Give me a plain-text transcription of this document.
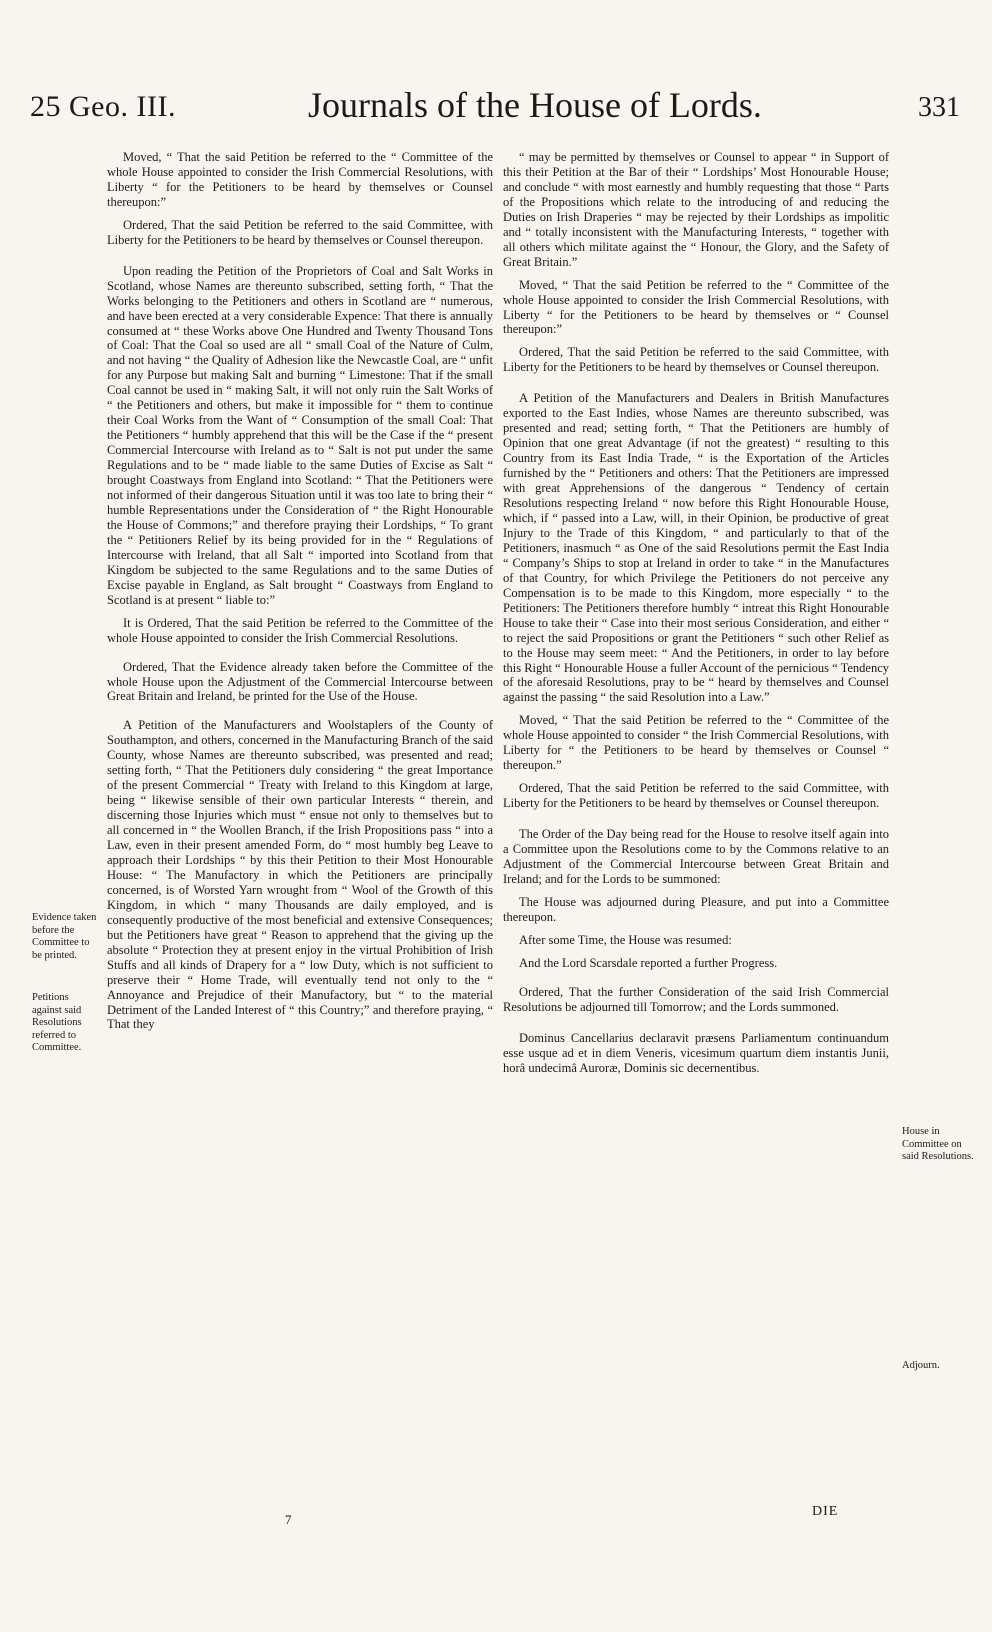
25 Geo. III.	Journals of the House of Lords.	331
Evidence taken before the Committee to be printed.
Petitions against said Resolutions referred to Committee.
House in Committee on said Resolutions.
Adjourn.

Moved, “ That the said Petition be referred to the “ Committee of the whole House appointed to consider the Irish Commercial Resolutions, with Liberty “ for the Petitioners to be heard by themselves or Counsel thereupon:”

Ordered, That the said Petition be referred to the said Committee, with Liberty for the Petitioners to be heard by themselves or Counsel thereupon.

Upon reading the Petition of the Proprietors of Coal and Salt Works in Scotland, whose Names are thereunto subscribed, setting forth, “ That the Works belonging to the Petitioners and others in Scotland are “ numerous, and have been erected at a very considerable Expence: That there is annually consumed at “ these Works above One Hundred and Twenty Thousand Tons of Coal: That the Coal so used are all “ small Coal of the Nature of Culm, and not having “ the Quality of Adhesion like the Newcastle Coal, are “ unfit for any Purpose but making Salt and burning “ Limestone: That if the small Coal cannot be used in “ making Salt, it will not only ruin the Salt Works of “ the Petitioners and others, but make it impossible for “ them to continue their Coal Works from the Want of “ Consumption of the small Coal: That the Petitioners “ humbly apprehend that this will be the Case if the “ present Commercial Intercourse with Ireland as to “ Salt is not put under the same Regulations and to be “ made liable to the same Duties of Excise as Salt “ brought Coastways from England into Scotland: “ That the Petitioners were not informed of their dangerous Situation until it was too late to bring their “ humble Representations under the Consideration of “ the Right Honourable the House of Commons;” and therefore praying their Lordships, “ To grant the “ Petitioners Relief by its being provided for in the “ Regulations of Intercourse with Ireland, that all Salt “ imported into Scotland from that Kingdom be subjected to the same Regulations and to the same Duties of Excise payable in England, as Salt brought “ Coastways from England to Scotland is at present “ liable to:”

It is Ordered, That the said Petition be referred to the Committee of the whole House appointed to consider the Irish Commercial Resolutions.

Ordered, That the Evidence already taken before the Committee of the whole House upon the Adjustment of the Commercial Intercourse between Great Britain and Ireland, be printed for the Use of the House.

A Petition of the Manufacturers and Woolstaplers of the County of Southampton, and others, concerned in the Manufacturing Branch of the said County, whose Names are thereunto subscribed, was presented and read; setting forth, “ That the Petitioners duly considering “ the great Importance of the present Commercial “ Treaty with Ireland to this Kingdom at large, being “ likewise sensible of their own particular Interests “ therein, and discerning those Injuries which must “ ensue not only to themselves but to all concerned in “ the Woollen Branch, if the Irish Propositions pass “ into a Law, even in their present amended Form, do “ most humbly beg Leave to approach their Lordships “ by this their Petition to their Most Honourable House: “ The Manufactory in which the Petitioners are principally concerned, is of Worsted Yarn wrought from “ Wool of the Growth of this Kingdom, in which “ many Thousands are daily employed, and is consequently productive of the most beneficial and extensive Consequences; but the Petitioners have great “ Reason to apprehend that the giving up the absolute “ Protection they at present enjoy in the virtual Prohibition of Irish Stuffs and all kinds of Drapery for a “ low Duty, which is not sufficient to preserve their “ Home Trade, will eventually tend not only to the “ Annoyance and Prejudice of their Manufactory, but “ to the material Detriment of the Landed Interest of “ this Country;” and therefore praying, “ That they

“ may be permitted by themselves or Counsel to appear “ in Support of this their Petition at the Bar of their “ Lordships’ Most Honourable House; and conclude “ with most earnestly and humbly requesting that those “ Parts of the Propositions which relate to the introducing of and reducing the Duties on Irish Draperies “ may be rejected by their Lordships as impolitic and “ totally inconsistent with the Manufacturing Interests, “ together with all others which militate against the “ Honour, the Glory, and the Safety of Great Britain.”

Moved, “ That the said Petition be referred to the “ Committee of the whole House appointed to consider the Irish Commercial Resolutions, with Liberty “ for the Petitioners to be heard by themselves or “ Counsel thereupon:”

Ordered, That the said Petition be referred to the said Committee, with Liberty for the Petitioners to be heard by themselves or Counsel thereupon.

A Petition of the Manufacturers and Dealers in British Manufactures exported to the East Indies, whose Names are thereunto subscribed, was presented and read; setting forth, “ That the Petitioners are humbly of Opinion that one great Advantage (if not the greatest) “ resulting to this Country from its East India Trade, “ is the Exportation of the Articles furnished by the “ Petitioners and others: That the Petitioners are impressed with great Apprehensions of the dangerous “ Tendency of certain Resolutions respecting Ireland “ now before this Right Honourable House, which, if “ passed into a Law, will, in their Opinion, be productive of great Injury to the Trade of this Kingdom, “ and particularly to that of the Petitioners, inasmuch “ as One of the said Resolutions permit the East India “ Company’s Ships to stop at Ireland in order to take “ in the Manufactures of that Country, for which Privilege the Petitioners do not perceive any Compensation is to be made to this Kingdom, more especially “ to the Petitioners: The Petitioners therefore humbly “ intreat this Right Honourable House to take their “ Case into their most serious Consideration, and either “ to reject the said Propositions or grant the Petitioners “ such other Relief as to the House may seem meet: “ And the Petitioners, in order to lay before this Right “ Honourable House a fuller Account of the pernicious “ Tendency of the aforesaid Resolutions, pray to be “ heard by themselves and Counsel against the passing “ the said Resolution into a Law.”

Moved, “ That the said Petition be referred to the “ Committee of the whole House appointed to consider “ the Irish Commercial Resolutions, with Liberty for “ the Petitioners to be heard by themselves or Counsel “ thereupon.”

Ordered, That the said Petition be referred to the said Committee, with Liberty for the Petitioners to be heard by themselves or Counsel thereupon.

The Order of the Day being read for the House to resolve itself again into a Committee upon the Resolutions come to by the Commons relative to an Adjustment of the Commercial Intercourse between Great Britain and Ireland; and for the Lords to be summoned:

The House was adjourned during Pleasure, and put into a Committee thereupon.

After some Time, the House was resumed:

And the Lord Scarsdale reported a further Progress.

Ordered, That the further Consideration of the said Irish Commercial Resolutions be adjourned till Tomorrow; and the Lords summoned.

Dominus Cancellarius declaravit præsens Parliamentum continuandum esse usque ad et in diem Veneris, vicesimum quartum diem instantis Junii, horâ undecimâ Auroræ, Dominis sic decernentibus.

7
DIE
